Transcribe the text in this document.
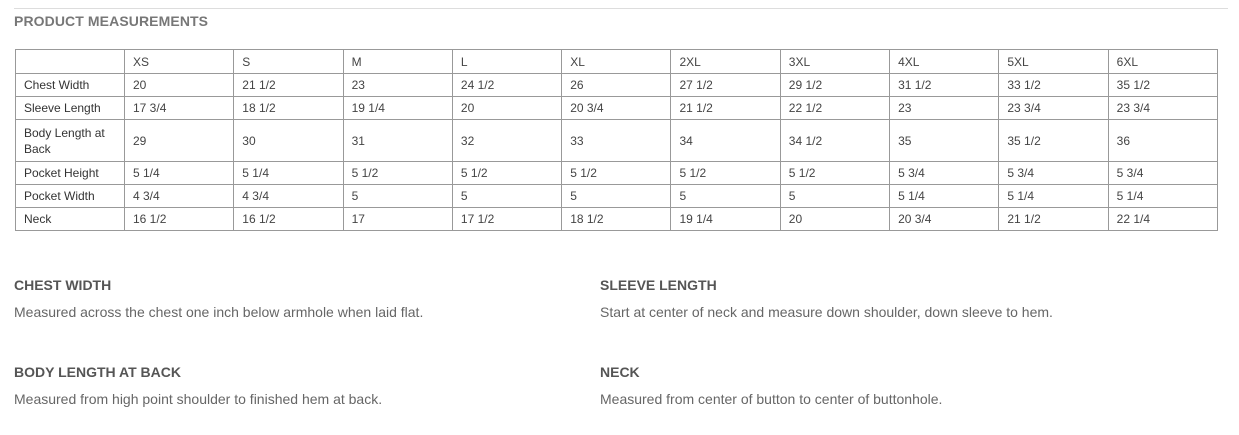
PRODUCT MEASUREMENTS
	XS	S	M	L	XL	2XL	3XL	4XL	5XL	6XL
Chest Width	20	21 1/2	23	24 1/2	26	27 1/2	29 1/2	31 1/2	33 1/2	35 1/2
Sleeve Length	17 3/4	18 1/2	19 1/4	20	20 3/4	21 1/2	22 1/2	23	23 3/4	23 3/4
Body Length at Back	29	30	31	32	33	34	34 1/2	35	35 1/2	36
Pocket Height	5 1/4	5 1/4	5 1/2	5 1/2	5 1/2	5 1/2	5 1/2	5 3/4	5 3/4	5 3/4
Pocket Width	4 3/4	4 3/4	5	5	5	5	5	5 1/4	5 1/4	5 1/4
Neck	16 1/2	16 1/2	17	17 1/2	18 1/2	19 1/4	20	20 3/4	21 1/2	22 1/4
CHEST WIDTH

Measured across the chest one inch below armhole when laid flat.

SLEEVE LENGTH

Start at center of neck and measure down shoulder, down sleeve to hem.

BODY LENGTH AT BACK

Measured from high point shoulder to finished hem at back.

NECK

Measured from center of button to center of buttonhole.
